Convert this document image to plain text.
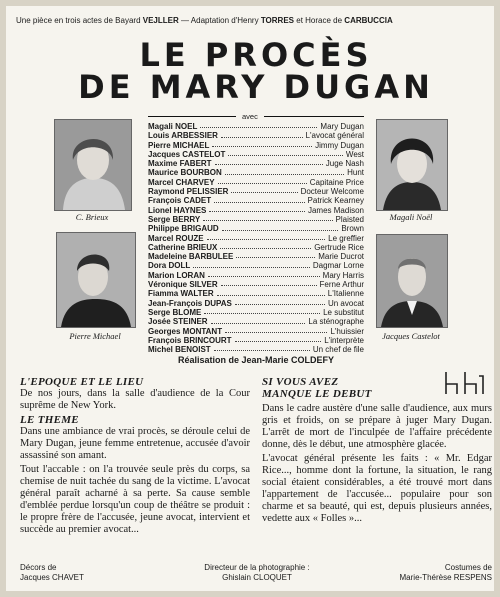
Une pièce en trois actes de Bayard VEJLLER — Adaptation d'Henry TORRES et Horace de CARBUCCIA
LE PROCÈS
DE MARY DUGAN
avec
Magali NOEL	Mary Dugan
Louis ARBESSIER	L'avocat général
Pierre MICHAEL	Jimmy Dugan
Jacques CASTELOT	West
Maxime FABERT	Juge Nash
Maurice BOURBON	Hunt
Marcel CHARVEY	Capitaine Price
Raymond PELISSIER	Docteur Welcome
François CADET	Patrick Kearney
Lionel HAYNES	James Madison
Serge BERRY	Plaisted
Philippe BRIGAUD	Brown
Marcel ROUZE	Le greffier
Catherine BRIEUX	Gertrude Rice
Madeleine BARBULEE	Marie Ducrot
Dora DOLL	Dagmar Lorne
Marion LORAN	Mary Harris
Véronique SILVER	Ferne Arthur
Fiamma WALTER	L'Italienne
Jean-François DUPAS	Un avocat
Serge BLOME	Le substitut
Josée STEINER	La sténographe
Georges MONTANT	L'huissier
François BRINCOURT	L'interprète
Michel BENOIST	Un chef de file
C. Brieux	Magali Noël
Pierre Michael	Jacques Castelot
Réalisation de Jean-Marie COLDEFY
L'EPOQUE ET LE LIEU

De nos jours, dans la salle d'audience de la Cour suprême de New York.

LE THEME

Dans une ambiance de vrai procès, se déroule celui de Mary Dugan, jeune femme entretenue, accusée d'avoir assassiné son amant.

Tout l'accable : on l'a trouvée seule près du corps, sa chemise de nuit tachée du sang de la victime. L'avocat général paraît acharné à sa perte. Sa cause semble d'emblée perdue lorsqu'un coup de théâtre se produit : le propre frère de l'accusée, jeune avocat, intervient et succède au premier avocat...

SI VOUS AVEZ
MANQUE LE DEBUT

Dans le cadre austère d'une salle d'audience, aux murs gris et froids, on se prépare à juger Mary Dugan. L'arrêt de mort de l'inculpée de l'affaire précédente donne, dès le début, une atmosphère glacée.

L'avocat général présente les faits : « Mr. Edgar Rice..., homme dont la fortune, la situation, le rang social étaient considérables, a été trouvé mort dans l'appartement de l'accusée... populaire pour son charme et sa beauté, qui est, depuis plusieurs années, vedette aux « Folles »...

Décors de
Jacques CHAVET
Directeur de la photographie :
Ghislain CLOQUET
Costumes de
Marie-Thérèse RESPENS
